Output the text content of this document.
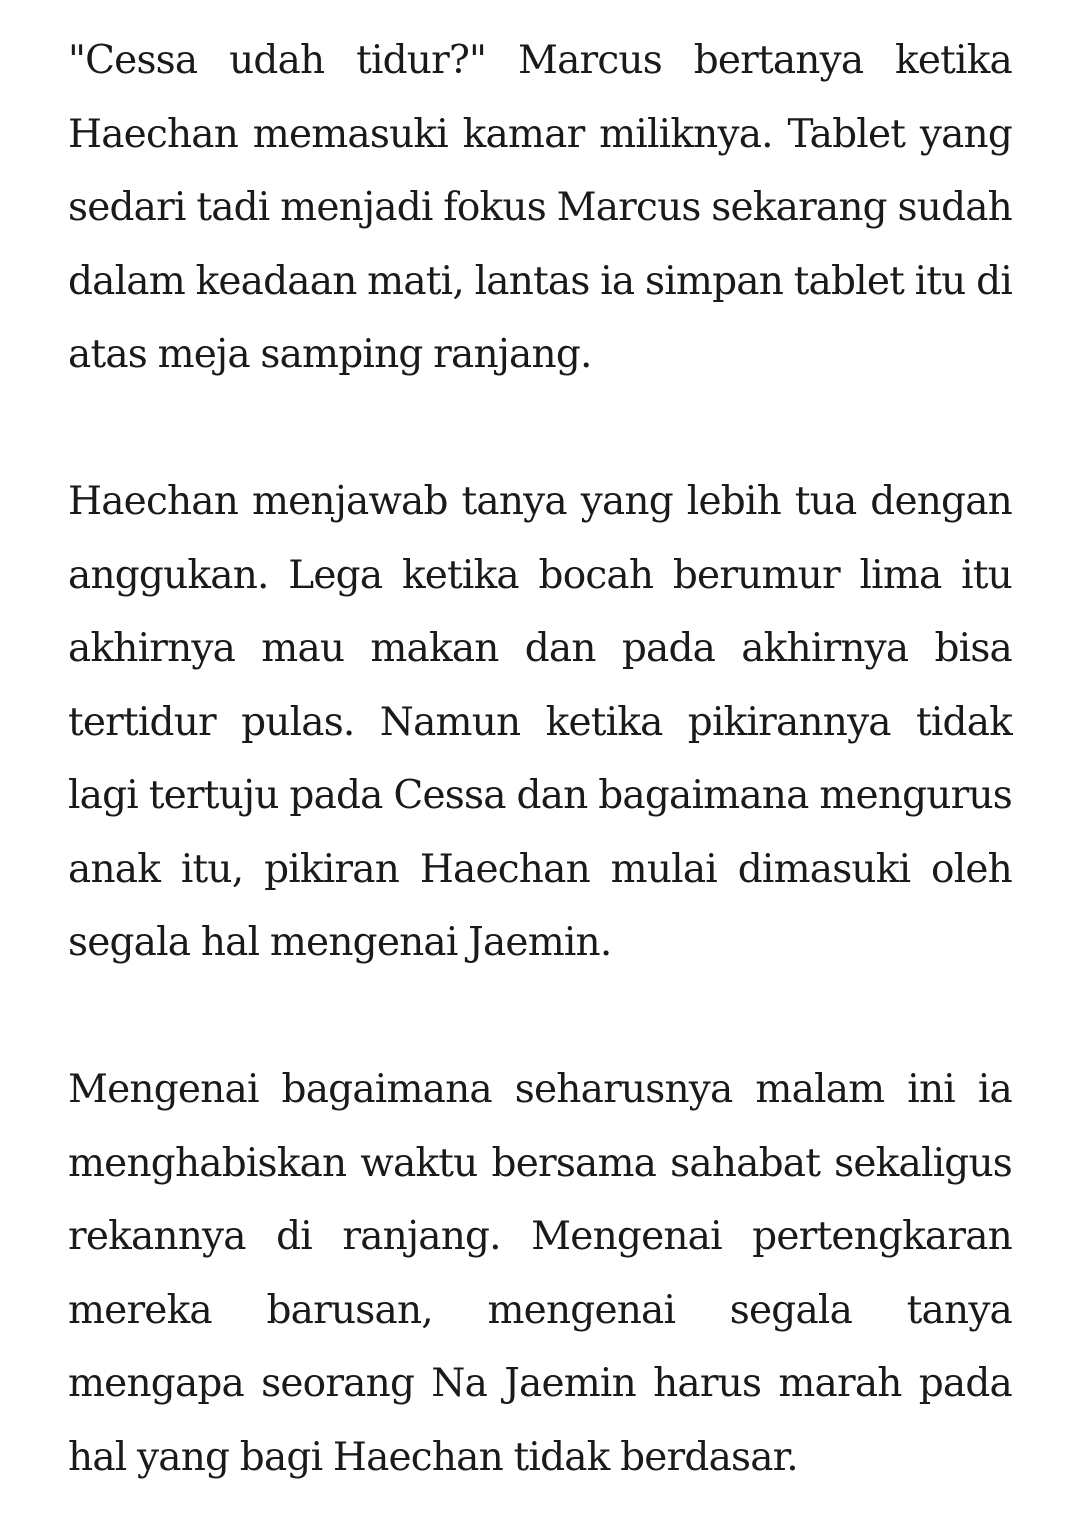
"Cessa udah tidur?" Marcus bertanya ketika Haechan memasuki kamar miliknya. Tablet yang sedari tadi menjadi fokus Marcus sekarang sudah dalam keadaan mati, lantas ia simpan tablet itu di atas meja samping ranjang.

Haechan menjawab tanya yang lebih tua dengan anggukan. Lega ketika bocah berumur lima itu akhirnya mau makan dan pada akhirnya bisa tertidur pulas. Namun ketika pikirannya tidak lagi tertuju pada Cessa dan bagaimana mengurus anak itu, pikiran Haechan mulai dimasuki oleh segala hal mengenai Jaemin.

Mengenai bagaimana seharusnya malam ini ia menghabiskan waktu bersama sahabat sekaligus rekannya di ranjang. Mengenai pertengkaran mereka barusan, mengenai segala tanya mengapa seorang Na Jaemin harus marah pada hal yang bagi Haechan tidak berdasar.
